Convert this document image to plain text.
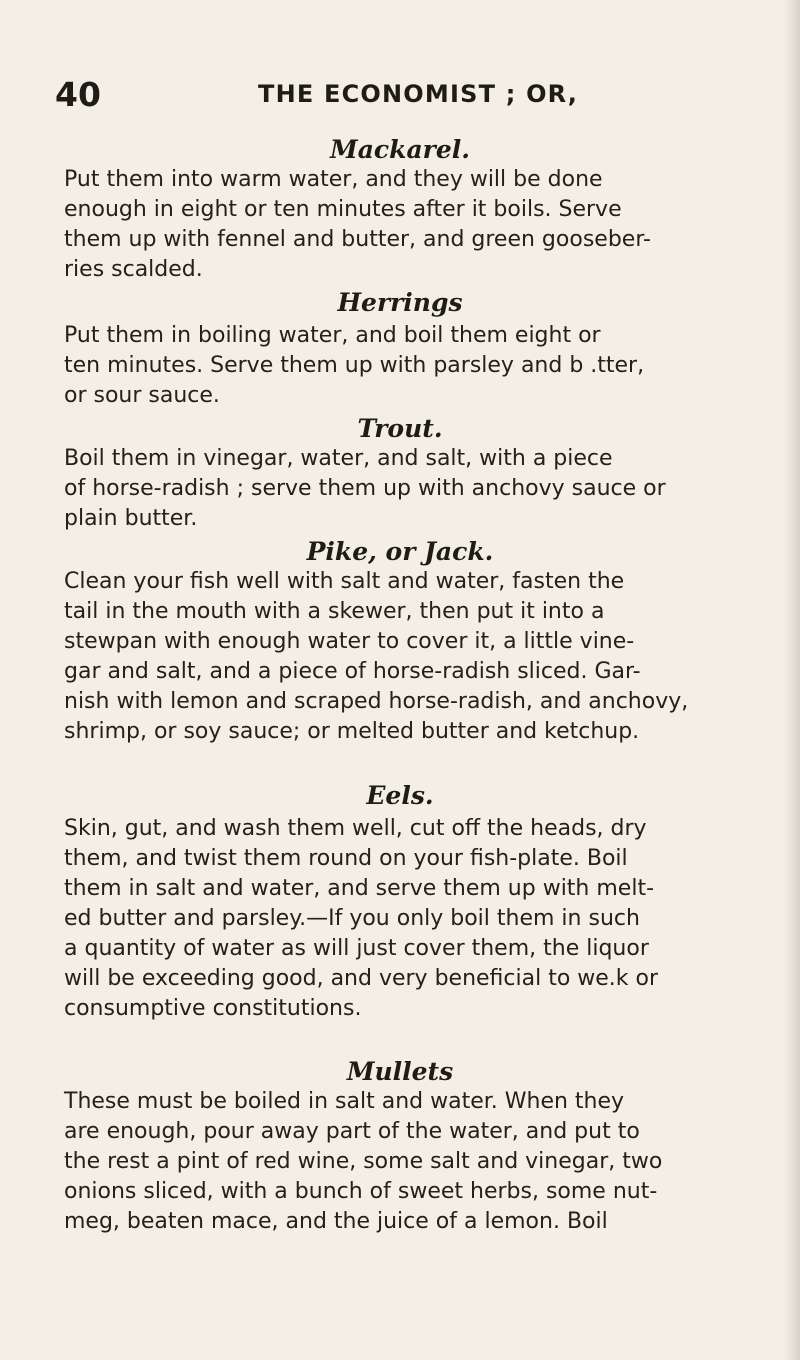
40	THE ECONOMIST ; OR,
Mackarel.
Put them into warm water, and they will be done
enough in eight or ten minutes after it boils. Serve
them up with fennel and butter, and green gooseber-
ries scalded.
Herrings
Put them in boiling water, and boil them eight or
ten minutes. Serve them up with parsley and b .tter,
or sour sauce.
Trout.
Boil them in vinegar, water, and salt, with a piece
of horse-radish ; serve them up with anchovy sauce or
plain butter.
Pike, or Jack.
Clean your fish well with salt and water, fasten the
tail in the mouth with a skewer, then put it into a
stewpan with enough water to cover it, a little vine-
gar and salt, and a piece of horse-radish sliced. Gar-
nish with lemon and scraped horse-radish, and anchovy,
shrimp, or soy sauce; or melted butter and ketchup.
Eels.
Skin, gut, and wash them well, cut off the heads, dry
them, and twist them round on your fish-plate. Boil
them in salt and water, and serve them up with melt-
ed butter and parsley.—If you only boil them in such
a quantity of water as will just cover them, the liquor
will be exceeding good, and very beneficial to we.k or
consumptive constitutions.
Mullets
These must be boiled in salt and water. When they
are enough, pour away part of the water, and put to
the rest a pint of red wine, some salt and vinegar, two
onions sliced, with a bunch of sweet herbs, some nut-
meg, beaten mace, and the juice of a lemon. Boil
